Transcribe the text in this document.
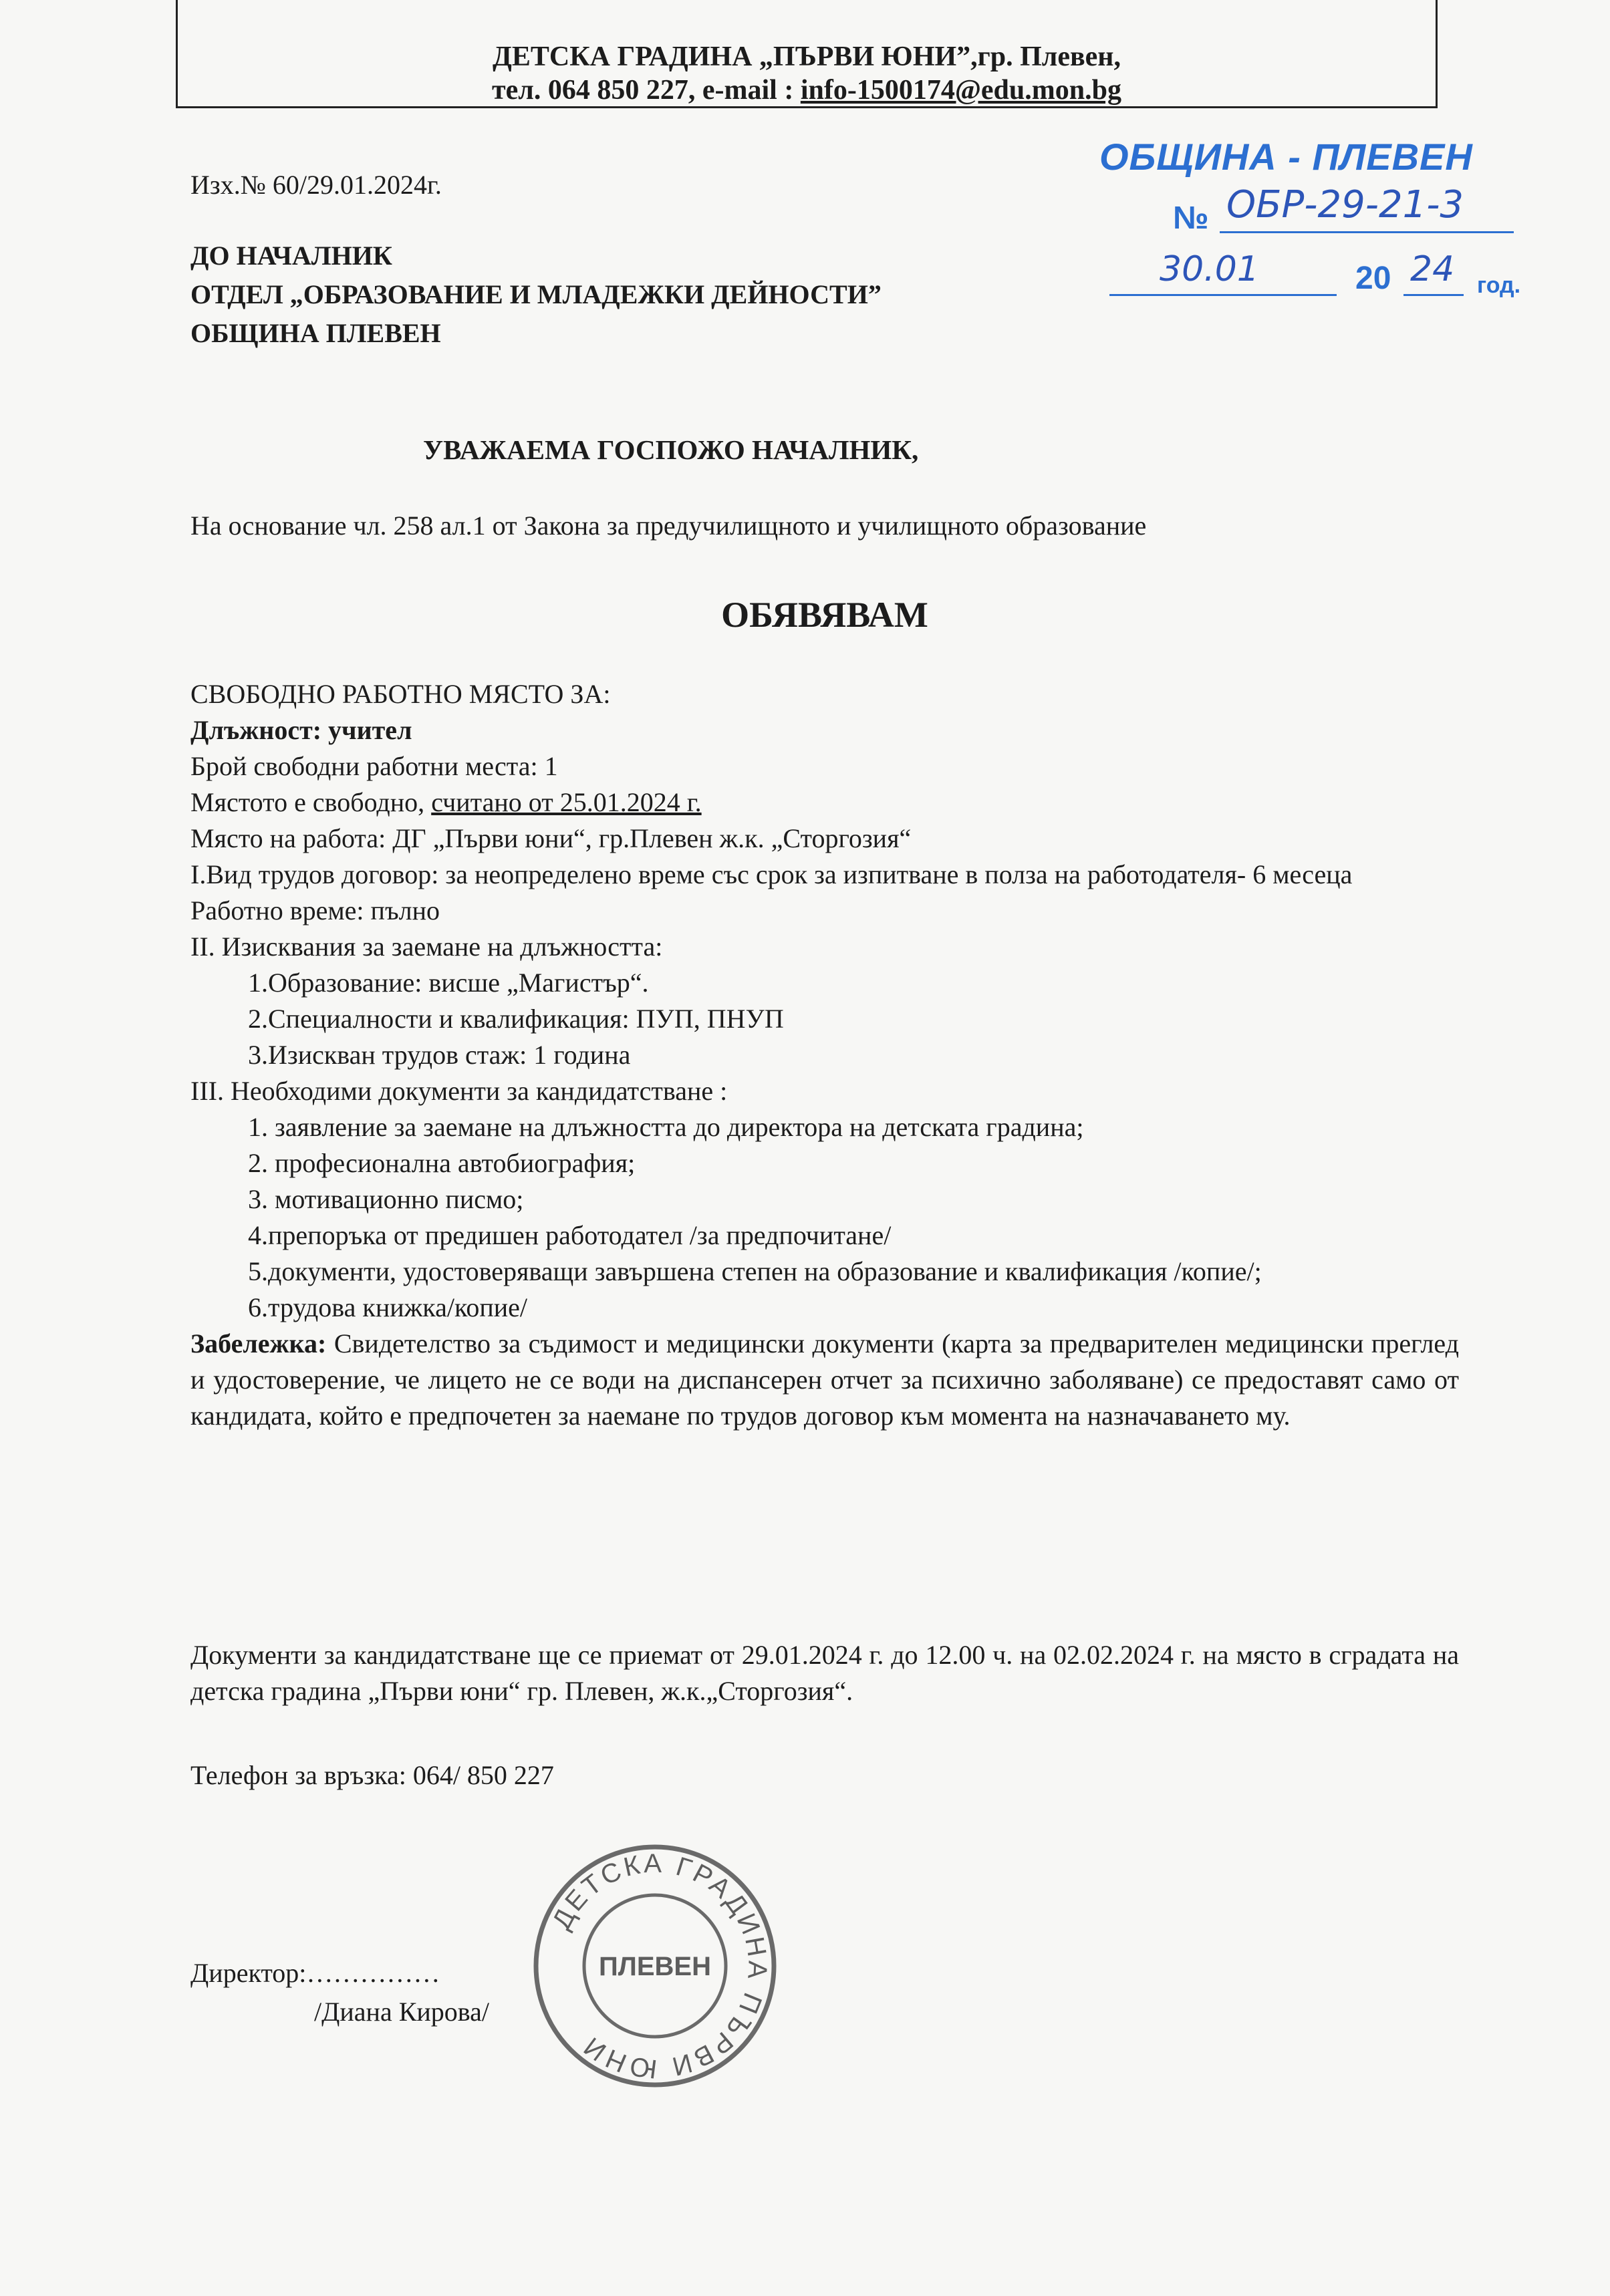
ДЕТСКА ГРАДИНА „ПЪРВИ ЮНИ”,гр. Плевен,
тел. 064 850 227, e-mail : info-1500174@edu.mon.bg
Изх.№ 60/29.01.2024г.
ОБЩИНА - ПЛЕВЕН
№ ОБР-29-21-3
30.01	20 24 год.
ДО НАЧАЛНИК
ОТДЕЛ „ОБРАЗОВАНИЕ И МЛАДЕЖКИ ДЕЙНОСТИ”
ОБЩИНА ПЛЕВЕН
УВАЖАЕМА ГОСПОЖО НАЧАЛНИК,
На основание чл. 258 ал.1 от Закона за предучилищното и училищното образование
ОБЯВЯВАМ
СВОБОДНО РАБОТНО МЯСТО ЗА:
Длъжност: учител
Брой свободни работни места: 1
Мястото е свободно, считано от 25.01.2024 г.
Място на работа: ДГ „Първи юни“, гр.Плевен ж.к. „Сторгозия“
I.Вид трудов договор: за неопределено време със срок за изпитване в полза на работодателя- 6 месеца
Работно време: пълно
II. Изисквания за заемане на длъжността:
1.Образование: висше „Магистър“.
2.Специалности и квалификация: ПУП, ПНУП
3.Изискван трудов стаж: 1 година
III. Необходими документи за кандидатстване :
1. заявление за заемане на длъжността до директора на детската градина;
2. професионална автобиография;
3. мотивационно писмо;
4.препоръка от предишен работодател /за предпочитане/
5.документи, удостоверяващи завършена степен на образование и квалификация /копие/;
6.трудова книжка/копие/
Забележка: Свидетелство за съдимост и медицински документи (карта за предварителен медицински преглед и удостоверение, че лицето не се води на диспансерен отчет за психично заболяване) се предоставят само от кандидата, който е предпочетен за наемане по трудов договор към момента на назначаването му.
Документи за кандидатстване ще се приемат от 29.01.2024 г. до 12.00 ч. на 02.02.2024 г. на място в сградата на детска градина „Първи юни“ гр. Плевен, ж.к.„Сторгозия“.
Телефон за връзка: 064/ 850 227
ДЕТСКА ГРАДИНА ПЪРВИ ЮНИ
ПЛЕВЕН
Директор:……………
/Диана Кирова/
